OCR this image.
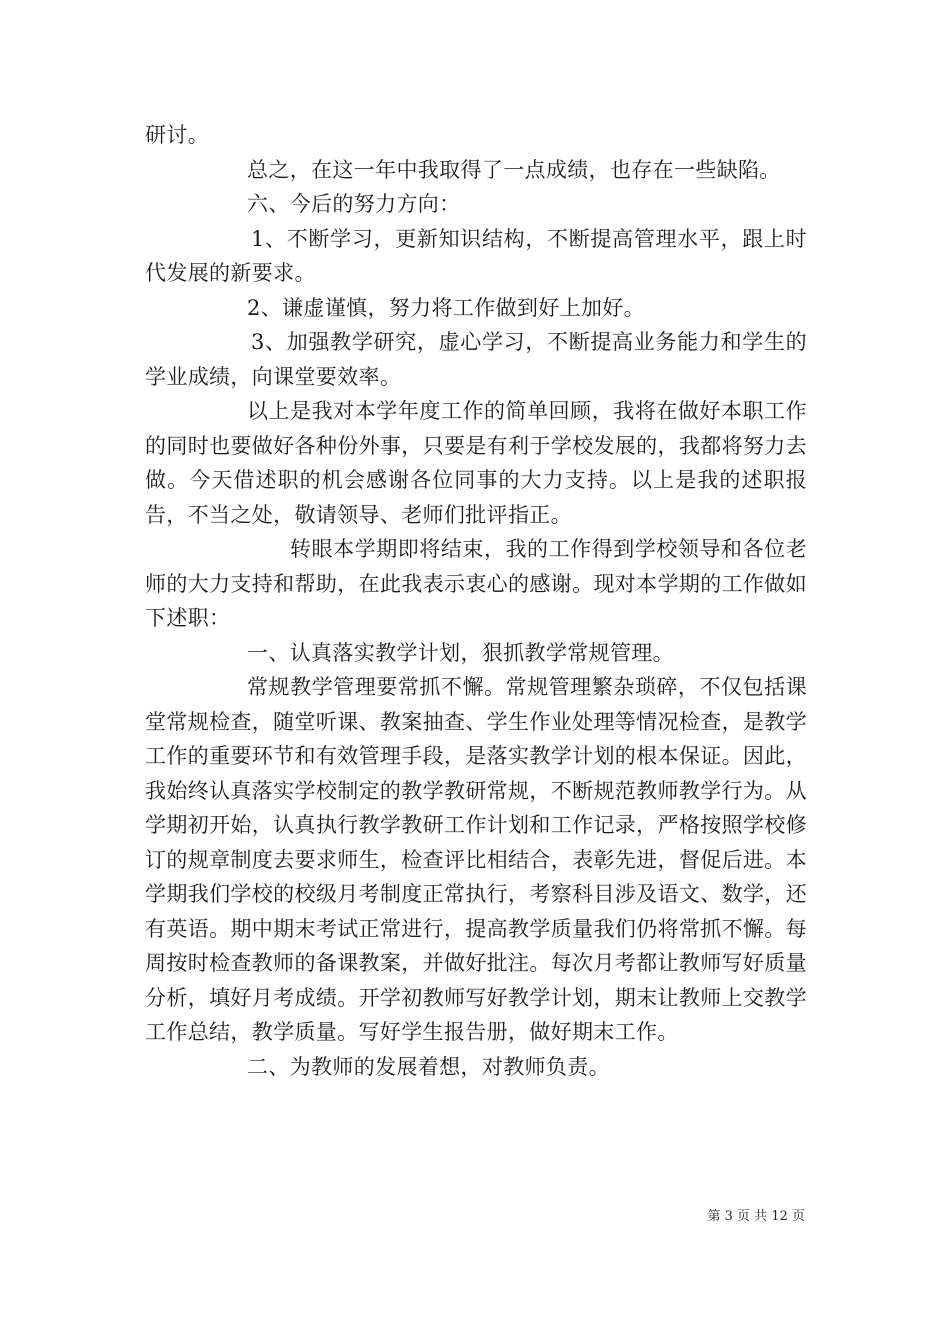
研讨。

总之，在这一年中我取得了一点成绩，也存在一些缺陷。

六、今后的努力方向：

1、不断学习，更新知识结构，不断提高管理水平，跟上时代发展的新要求。

2、谦虚谨慎，努力将工作做到好上加好。

3、加强教学研究，虚心学习，不断提高业务能力和学生的学业成绩，向课堂要效率。

以上是我对本学年度工作的简单回顾，我将在做好本职工作的同时也要做好各种份外事，只要是有利于学校发展的，我都将努力去做。今天借述职的机会感谢各位同事的大力支持。以上是我的述职报告，不当之处，敬请领导、老师们批评指正。

转眼本学期即将结束，我的工作得到学校领导和各位老师的大力支持和帮助，在此我表示衷心的感谢。现对本学期的工作做如下述职：

一、认真落实教学计划，狠抓教学常规管理。

常规教学管理要常抓不懈。常规管理繁杂琐碎，不仅包括课堂常规检查，随堂听课、教案抽查、学生作业处理等情况检查，是教学工作的重要环节和有效管理手段，是落实教学计划的根本保证。因此，我始终认真落实学校制定的教学教研常规，不断规范教师教学行为。从学期初开始，认真执行教学教研工作计划和工作记录，严格按照学校修订的规章制度去要求师生，检查评比相结合，表彰先进，督促后进。本学期我们学校的校级月考制度正常执行，考察科目涉及语文、数学，还有英语。期中期末考试正常进行，提高教学质量我们仍将常抓不懈。每周按时检查教师的备课教案，并做好批注。每次月考都让教师写好质量分析，填好月考成绩。开学初教师写好教学计划，期末让教师上交教学工作总结，教学质量。写好学生报告册，做好期末工作。

二、为教师的发展着想，对教师负责。

第 3 页 共 12 页
